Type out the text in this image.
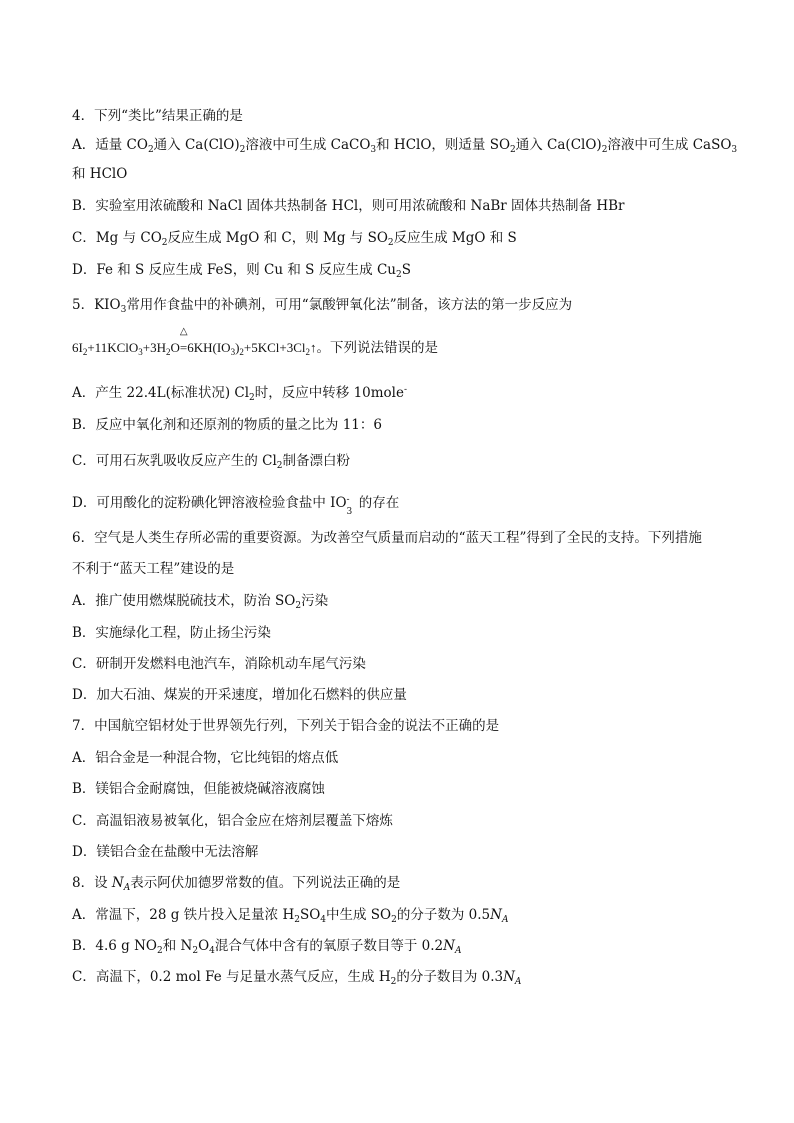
4．下列“类比”结果正确的是
A．适量 $CO_2$通入 $Ca(ClO)_2$溶液中可生成 CaCO$_3$和 HClO，则适量 $SO_2$通入 $Ca(ClO)_2$溶液中可生成 CaSO$_3$
和 HClO
B．实验室用浓硫酸和 NaCl 固体共热制备 HCl，则可用浓硫酸和 NaBr 固体共热制备 HBr
C．Mg 与 $CO_2$反应生成 MgO 和 C，则 Mg 与 $SO_2$反应生成 MgO 和 S
D．Fe 和 S 反应生成 FeS，则 Cu 和 S 反应生成 $Cu_2S$
5．$KIO_3$常用作食盐中的补碘剂，可用“氯酸钾氧化法”制备，该方法的第一步反应为
$6I_2+11KClO_3+3H_2O$
△
$=6KH(IO_3)_2+5KCl+3Cl_2↑$。下列说法错误的是
A．产生 22.4L(标准状况) $Cl_2$时，反应中转移 10mole-
B．反应中氧化剂和还原剂的物质的量之比为 11：6
C．可用石灰乳吸收反应产生的 $Cl_2$制备漂白粉
D．可用酸化的淀粉碘化钾溶液检验食盐中 IO -
3
的存在
6．空气是人类生存所必需的重要资源。为改善空气质量而启动的“蓝天工程”得到了全民的支持。下列措施
不利于“蓝天工程”建设的是
A．推广使用燃煤脱硫技术，防治 $SO_2$污染
B．实施绿化工程，防止扬尘污染
C．研制开发燃料电池汽车，消除机动车尾气污染
D．加大石油、煤炭的开采速度，增加化石燃料的供应量
7．中国航空铝材处于世界领先行列，下列关于铝合金的说法不正确的是
A．铝合金是一种混合物，它比纯铝的熔点低
B．镁铝合金耐腐蚀，但能被烧碱溶液腐蚀
C．高温铝液易被氧化，铝合金应在熔剂层覆盖下熔炼
D．镁铝合金在盐酸中无法溶解
8．设 $N_A$表示阿伏加德罗常数的值。下列说法正确的是
A．常温下，28 g 铁片投入足量浓 $H_2SO_4$中生成 $SO_2$的分子数为 $0.5N_A$
B．4.6 g $NO_2$和 $N_2O_4$混合气体中含有的氧原子数目等于 $0.2N_A$
C．高温下，0.2 mol Fe 与足量水蒸气反应，生成 $H_2$的分子数目为 $0.3N_A$
